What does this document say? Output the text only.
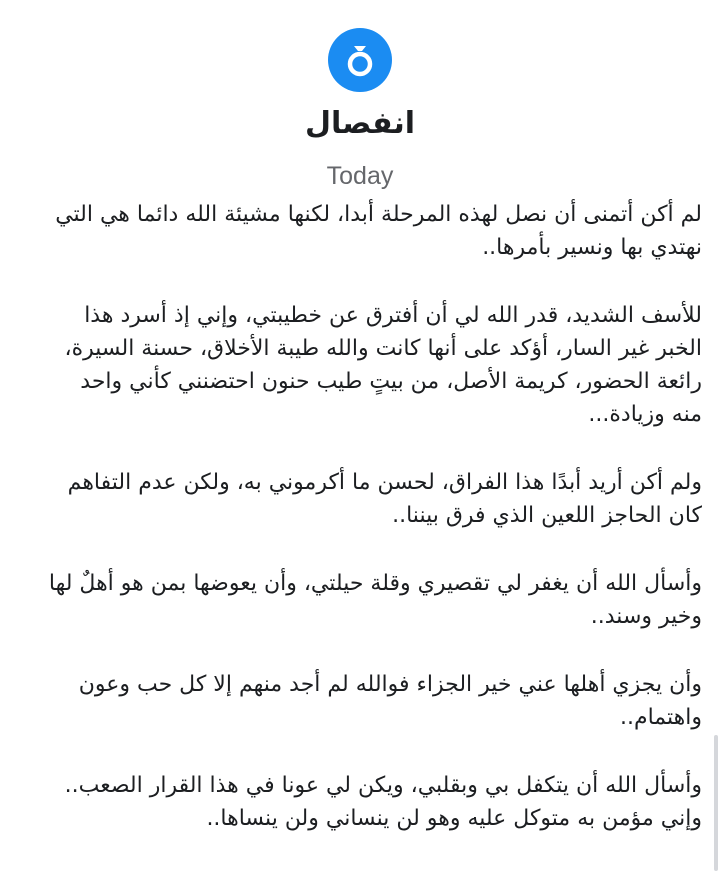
انفصال
Today

لم أكن أتمنى أن نصل لهذه المرحلة أبدا، لكنها مشيئة الله دائما هي التي نهتدي بها ونسير بأمرها..

للأسف الشديد، قدر الله لي أن أفترق عن خطيبتي، وإني إذ أسرد هذا الخبر غير السار، أؤكد على أنها كانت والله طيبة الأخلاق، حسنة السيرة، رائعة الحضور، كريمة الأصل، من بيتٍ طيب حنون احتضنني كأني واحد منه وزيادة...

ولم أكن أريد أبدًا هذا الفراق، لحسن ما أكرموني به، ولكن عدم التفاهم كان الحاجز اللعين الذي فرق بيننا..

وأسأل الله أن يغفر لي تقصيري وقلة حيلتي، وأن يعوضها بمن هو أهلٌ لها وخير وسند..

وأن يجزي أهلها عني خير الجزاء فوالله لم أجد منهم إلا كل حب وعون واهتمام..

وأسأل الله أن يتكفل بي وبقلبي، ويكن لي عونا في هذا القرار الصعب.. وإني مؤمن به متوكل عليه وهو لن ينساني ولن ينساها..
